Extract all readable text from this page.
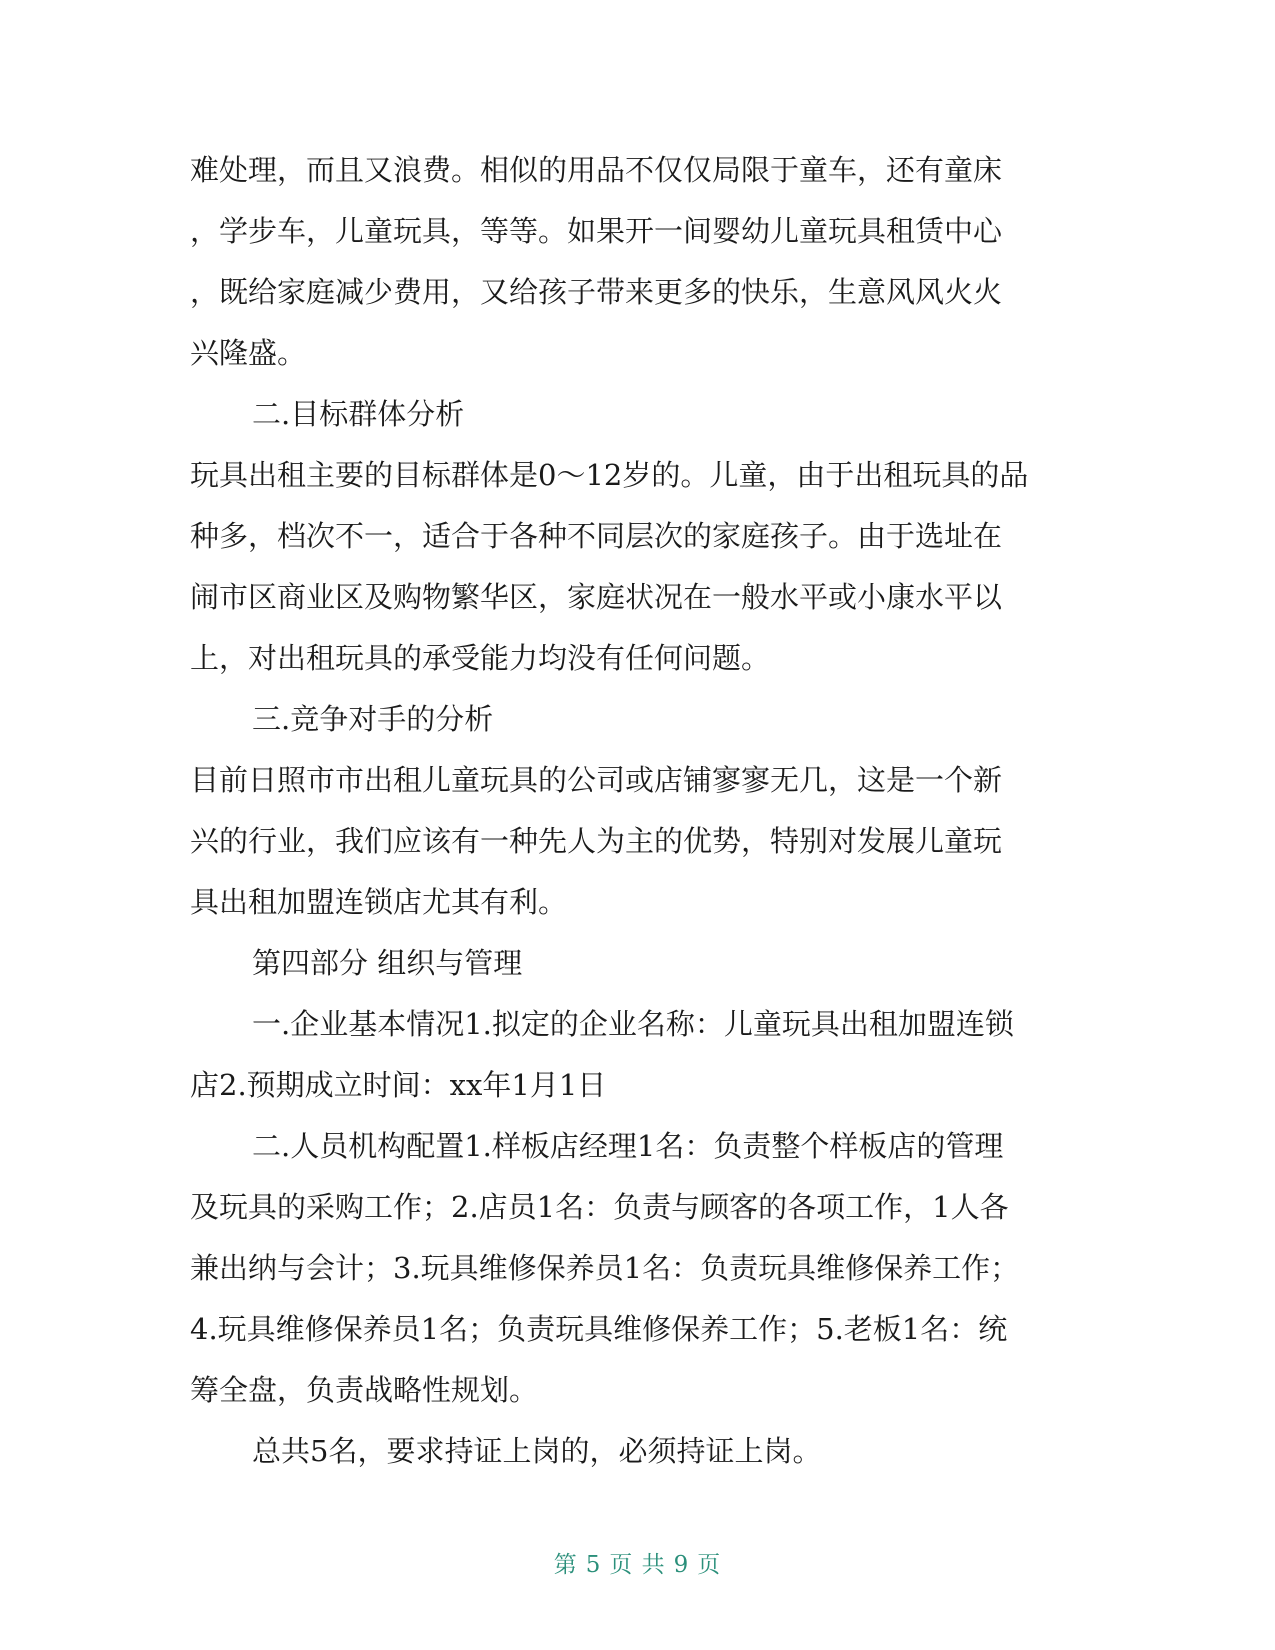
难处理，而且又浪费。相似的用品不仅仅局限于童车，还有童床

，学步车，儿童玩具，等等。如果开一间婴幼儿童玩具租赁中心

，既给家庭减少费用，又给孩子带来更多的快乐，生意风风火火

兴隆盛。

二.目标群体分析

玩具出租主要的目标群体是0～12岁的。儿童，由于出租玩具的品

种多，档次不一，适合于各种不同层次的家庭孩子。由于选址在

闹市区商业区及购物繁华区，家庭状况在一般水平或小康水平以

上，对出租玩具的承受能力均没有任何问题。

三.竞争对手的分析

目前日照市市出租儿童玩具的公司或店铺寥寥无几，这是一个新

兴的行业，我们应该有一种先人为主的优势，特别对发展儿童玩

具出租加盟连锁店尤其有利。

第四部分 组织与管理

一.企业基本情况1.拟定的企业名称：儿童玩具出租加盟连锁

店2.预期成立时间：xx年1月1日

二.人员机构配置1.样板店经理1名：负责整个样板店的管理

及玩具的采购工作；2.店员1名：负责与顾客的各项工作，1人各

兼出纳与会计；3.玩具维修保养员1名：负责玩具维修保养工作；

4.玩具维修保养员1名；负责玩具维修保养工作；5.老板1名：统

筹全盘，负责战略性规划。

总共5名，要求持证上岗的，必须持证上岗。

第 5 页 共 9 页
